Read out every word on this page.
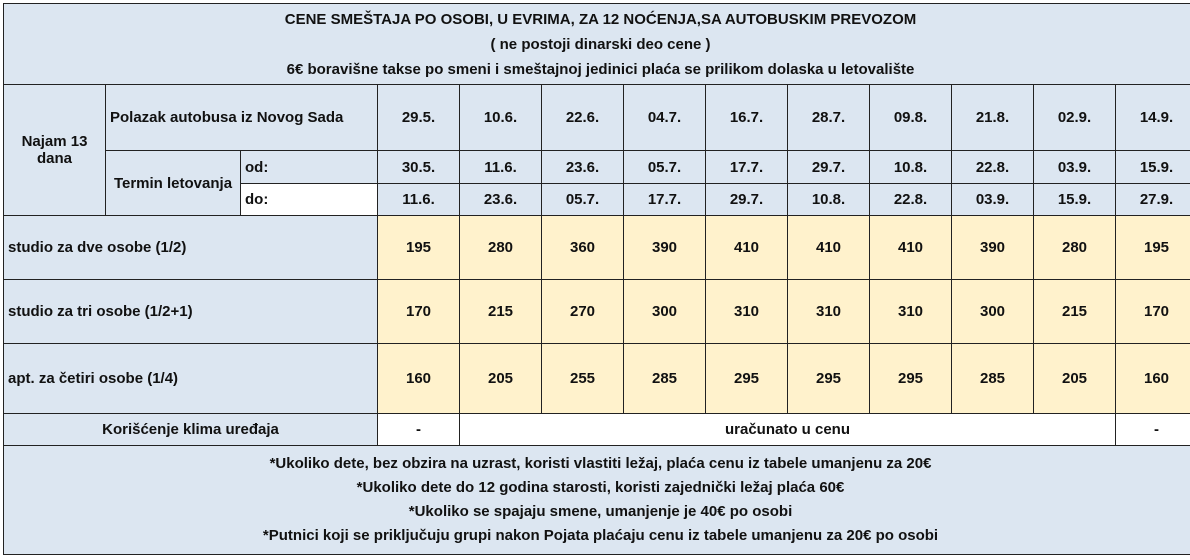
CENE SMEŠTAJA PO OSOBI, U EVRIMA, ZA 12 NOĆENJA,SA AUTOBUSKIM PREVOZOM
( ne postoji dinarski deo cene )
6€ boravišne takse po smeni i smeštajnoj jedinici plaća se prilikom dolaska u letovalište												

Najam 13 dana	Polazak autobusa iz Novog Sada		29.5.	10.6.	22.6.	04.7.	16.7.	28.7.	09.8.	21.8.	02.9.	14.9.
	Termin letovanja	od:	30.5.	11.6.	23.6.	05.7.	17.7.	29.7.	10.8.	22.8.	03.9.	15.9.
		do:	11.6.	23.6.	05.7.	17.7.	29.7.	10.8.	22.8.	03.9.	15.9.	27.9.
studio za dve osobe (1/2)			195	280	360	390	410	410	410	390	280	195
studio za tri osobe (1/2+1)			170	215	270	300	310	310	310	300	215	170
apt. za četiri osobe (1/4)			160	205	255	285	295	295	295	285	205	160
Korišćenje klima uređaja			-	uračunato u cenu								-

*Ukoliko dete, bez obzira na uzrast, koristi vlastiti ležaj, plaća cenu iz tabele umanjenu za 20€
*Ukoliko dete do 12 godina starosti, koristi zajednički ležaj plaća 60€
*Ukoliko se spajaju smene, umanjenje je 40€ po osobi
*Putnici koji se priključuju grupi nakon Pojata plaćaju cenu iz tabele umanjenu za 20€ po osobi												
